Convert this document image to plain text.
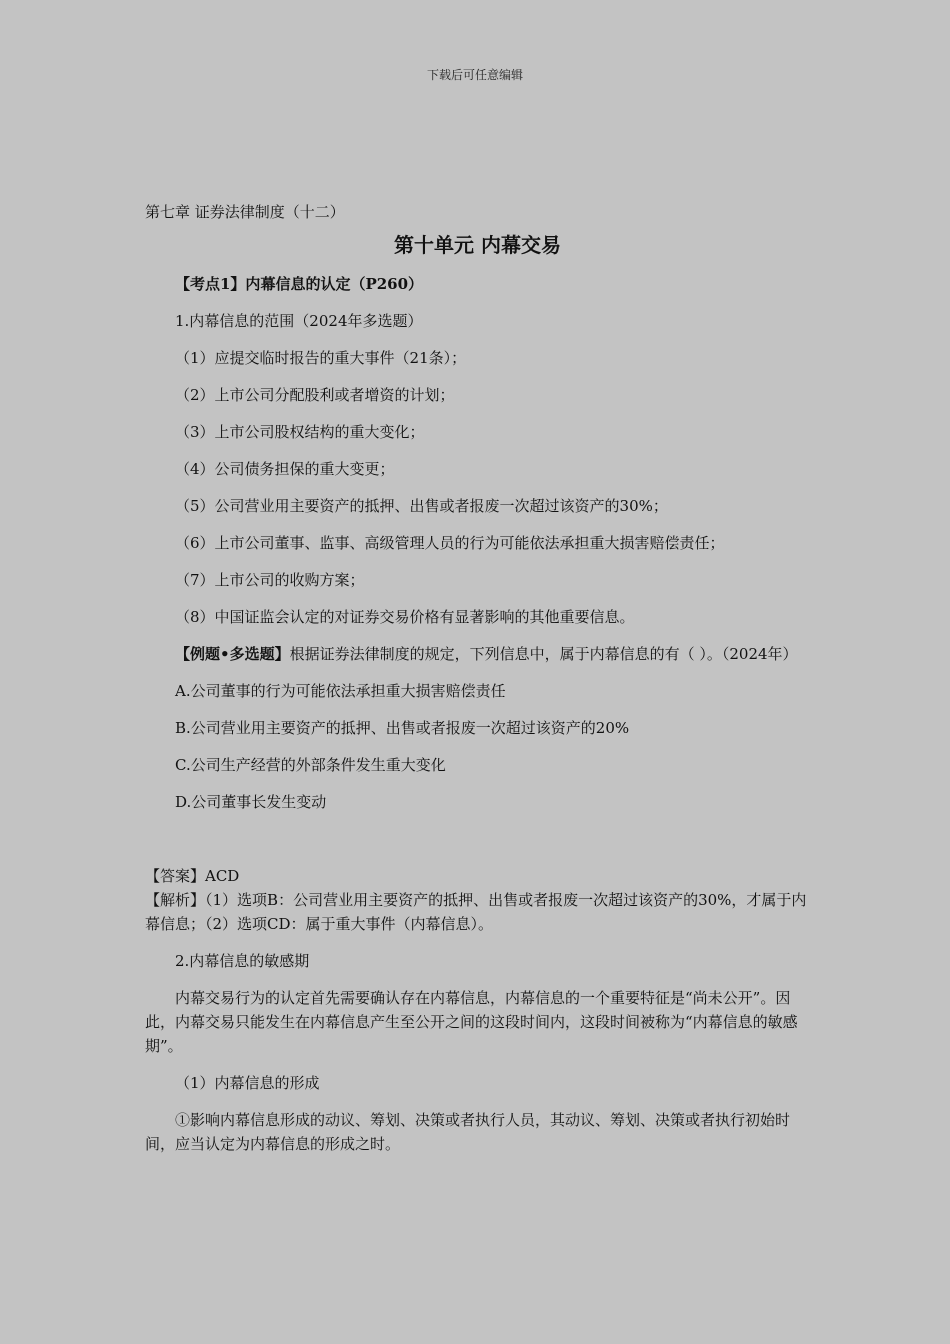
下载后可任意编辑

第七章 证券法律制度（十二）

第十单元 内幕交易

【考点1】内幕信息的认定（P260）

1.内幕信息的范围（2024年多选题）

（1）应提交临时报告的重大事件（21条）；

（2）上市公司分配股利或者增资的计划；

（3）上市公司股权结构的重大变化；

（4）公司债务担保的重大变更；

（5）公司营业用主要资产的抵押、出售或者报废一次超过该资产的30%；

（6）上市公司董事、监事、高级管理人员的行为可能依法承担重大损害赔偿责任；

（7）上市公司的收购方案；

（8）中国证监会认定的对证券交易价格有显著影响的其他重要信息。

【例题•多选题】根据证券法律制度的规定，下列信息中，属于内幕信息的有（ ）。（2024年）

A.公司董事的行为可能依法承担重大损害赔偿责任

B.公司营业用主要资产的抵押、出售或者报废一次超过该资产的20%

C.公司生产经营的外部条件发生重大变化

D.公司董事长发生变动

【答案】ACD

【解析】（1）选项B：公司营业用主要资产的抵押、出售或者报废一次超过该资产的30%，才属于内幕信息；（2）选项CD：属于重大事件（内幕信息）。

2.内幕信息的敏感期

内幕交易行为的认定首先需要确认存在内幕信息，内幕信息的一个重要特征是“尚未公开”。因此，内幕交易只能发生在内幕信息产生至公开之间的这段时间内，这段时间被称为“内幕信息的敏感期”。

（1）内幕信息的形成

①影响内幕信息形成的动议、筹划、决策或者执行人员，其动议、筹划、决策或者执行初始时间，应当认定为内幕信息的形成之时。
